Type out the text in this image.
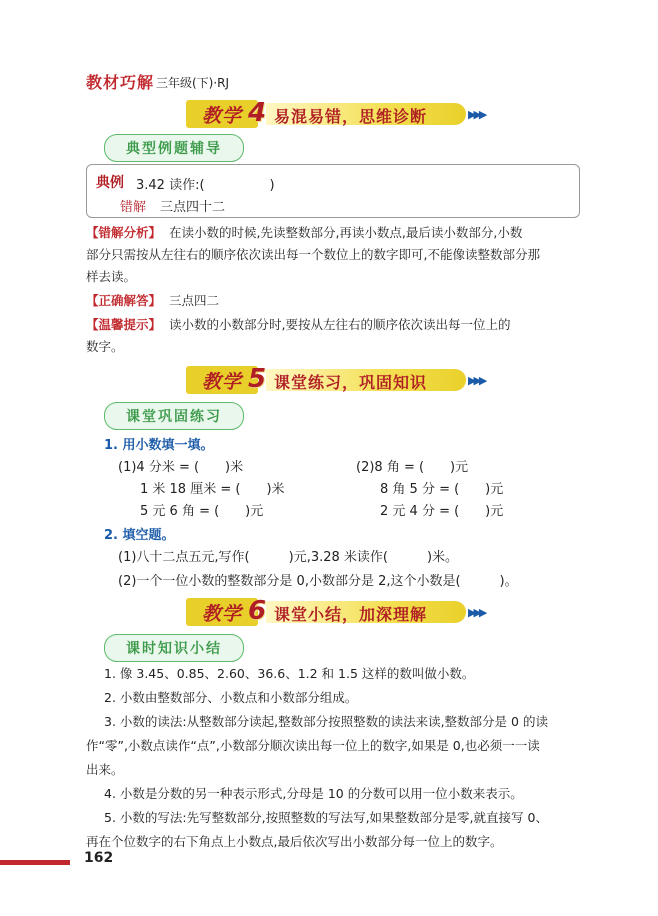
教材巧解 三年级(下)·RJ
教学 4 易混易错，思维诊断	▶▶▶
典型例题辅导
典例 3.42 读作:(　　　　　)
错解 三点四十二
【错解分析】 在读小数的时候,先读整数部分,再读小数点,最后读小数部分,小数
部分只需按从左往右的顺序依次读出每一个数位上的数字即可,不能像读整数部分那
样去读。
【正确解答】 三点四二
【温馨提示】 读小数的小数部分时,要按从左往右的顺序依次读出每一位上的
数字。
教学 5 课堂练习，巩固知识	▶▶▶
课堂巩固练习
1. 用小数填一填。
(1)4 分米 = (　　)米	(2)8 角 = (　　)元
1 米 18 厘米 = (　　)米	8 角 5 分 = (　　)元
5 元 6 角 = (　　)元	2 元 4 分 = (　　)元
2. 填空题。
(1)八十二点五元,写作(　　　)元,3.28 米读作(　　　)米。
(2)一个一位小数的整数部分是 0,小数部分是 2,这个小数是(　　　)。
教学 6 课堂小结，加深理解	▶▶▶
课时知识小结
1. 像 3.45、0.85、2.60、36.6、1.2 和 1.5 这样的数叫做小数。
2. 小数由整数部分、小数点和小数部分组成。
3. 小数的读法:从整数部分读起,整数部分按照整数的读法来读,整数部分是 0 的读
作“零”,小数点读作“点”,小数部分顺次读出每一位上的数字,如果是 0,也必须一一读
出来。
4. 小数是分数的另一种表示形式,分母是 10 的分数可以用一位小数来表示。
5. 小数的写法:先写整数部分,按照整数的写法写,如果整数部分是零,就直接写 0、
再在个位数字的右下角点上小数点,最后依次写出小数部分每一位上的数字。
162
